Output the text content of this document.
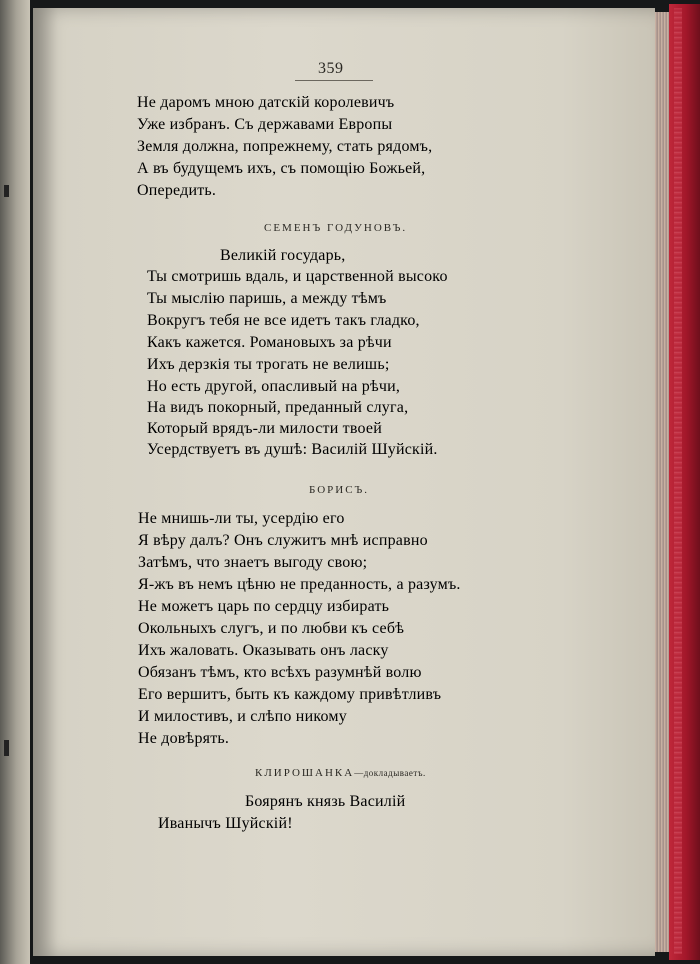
359
Не даромъ мною датскій королевичъ
Уже избранъ. Съ державами Европы
Земля должна, попрежнему, стать рядомъ,
А въ будущемъ ихъ, съ помощію Божьей,
Опередить.
СЕМЕНЪ ГОДУНОВЪ.
Великій государь,
Ты смотришь вдаль, и царственной высоко
Ты мыслію паришь, а между тѣмъ
Вокругъ тебя не все идетъ такъ гладко,
Какъ кажется. Романовыхъ за рѣчи
Ихъ дерзкія ты трогать не велишь;
Но есть другой, опасливый на рѣчи,
На видъ покорный, преданный слуга,
Который врядъ-ли милости твоей
Усердствуетъ въ душѣ: Василій Шуйскій.
БОРИСЪ.
Не мнишь-ли ты, усердію его
Я вѣру далъ? Онъ служитъ мнѣ исправно
Затѣмъ, что знаетъ выгоду свою;
Я-жъ въ немъ цѣню не преданность, а разумъ.
Не можетъ царь по сердцу избирать
Окольныхъ слугъ, и по любви къ себѣ
Ихъ жаловать. Оказывать онъ ласку
Обязанъ тѣмъ, кто всѣхъ разумнѣй волю
Его вершитъ, быть къ каждому привѣтливъ
И милостивъ, и слѣпо никому
Не довѣрять.
КЛИРОШАНКА—докладываетъ.
Боярянъ князь Василій
Иванычъ Шуйскій!
